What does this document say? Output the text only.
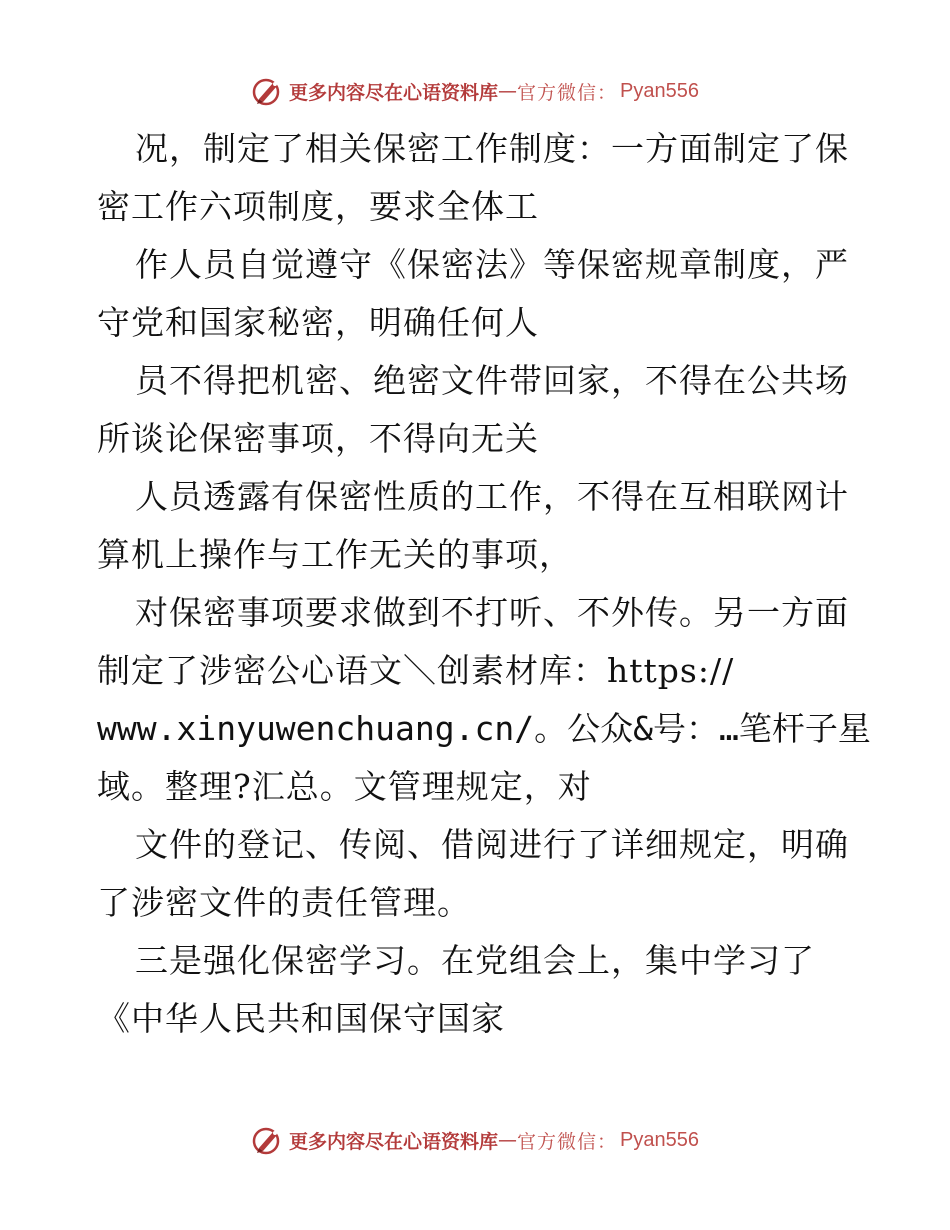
更多内容尽在心语资料库 — 官方微信 ： Pyan556
况，制定了相关保密工作制度：一方面制定了保
密工作六项制度，要求全体工
作人员自觉遵守《保密法》等保密规章制度，严
守党和国家秘密，明确任何人
员不得把机密、绝密文件带回家，不得在公共场
所谈论保密事项，不得向无关
人员透露有保密性质的工作，不得在互相联网计
算机上操作与工作无关的事项，
对保密事项要求做到不打听、不外传。另一方面
制定了涉密公心语文＼创素材库：https://
www.xinyuwenchuang.cn/。公众&号：…笔杆子星
域。整理?汇总。文管理规定，对
文件的登记、传阅、借阅进行了详细规定，明确
了涉密文件的责任管理。
三是强化保密学习。在党组会上，集中学习了
《中华人民共和国保守国家
更多内容尽在心语资料库 — 官方微信 ： Pyan556
